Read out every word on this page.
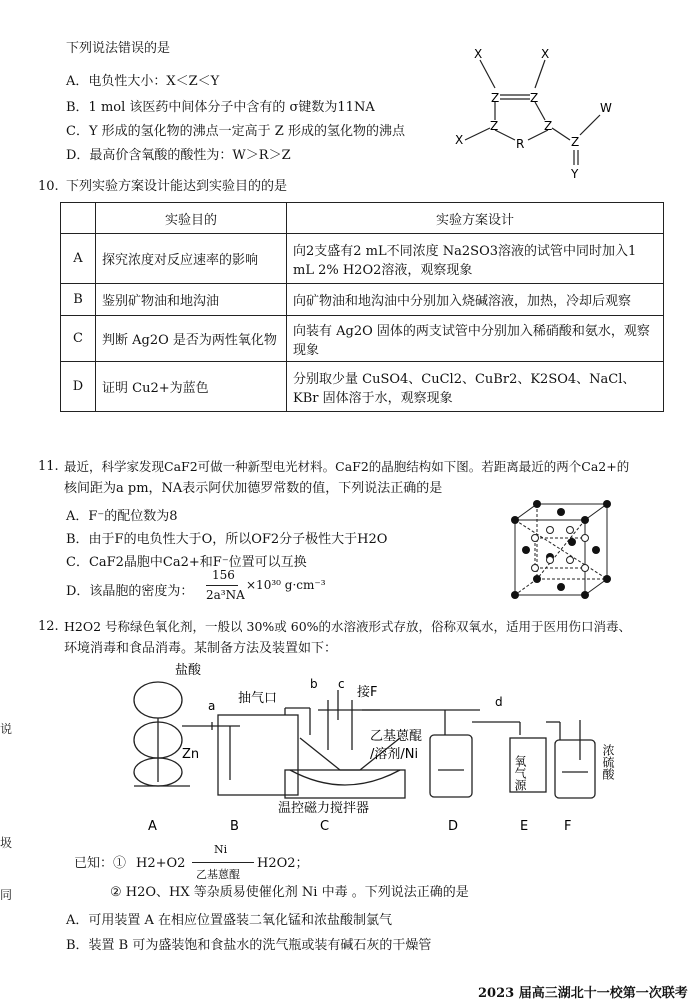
下列说法错误的是
A．电负性大小：X＜Z＜Y
B．1 mol 该医药中间体分子中含有的 σ键数为11NA
C．Y 形成的氢化物的沸点一定高于 Z 形成的氢化物的沸点
D．最高价含氧酸的酸性为：W＞R＞Z
X	X
X
Z	Z
Z	Z
Z
R
W
Y
10. 下列实验方案设计能达到实验目的的是
	实验目的	实验方案设计
A	探究浓度对反应速率的影响	向2支盛有2 mL不同浓度 Na2SO3溶液的试管中同时加入1 mL 2% H2O2溶液，观察现象
B	鉴别矿物油和地沟油	向矿物油和地沟油中分别加入烧碱溶液，加热，冷却后观察
C	判断 Ag2O 是否为两性氧化物	向装有 Ag2O 固体的两支试管中分别加入稀硝酸和氨水，观察现象
D	证明 Cu2+为蓝色	分别取少量 CuSO4、CuCl2、CuBr2、K2SO4、NaCl、KBr 固体溶于水，观察现象
11. 最近，科学家发现CaF2可做一种新型电光材料。CaF2的晶胞结构如下图。若距离最近的两个Ca2+的
核间距为a pm，NA表示阿伏加德罗常数的值，下列说法正确的是
A．F⁻的配位数为8
B．由于F的电负性大于O，所以OF2分子极性大于H2O
C．CaF2晶胞中Ca2+和F⁻位置可以互换
D．该晶胞的密度为：
156
2a³NA
×10³⁰ g·cm⁻³
12. H2O2 号称绿色氧化剂，一般以 30%或 60%的水溶液形式存放，俗称双氧水，适用于医用伤口消毒、
环境消毒和食品消毒。某制备方法及装置如下：
盐酸
a 抽气口
b c
接F
Zn
乙基蒽醌
/溶剂/Ni
温控磁力搅拌器
d
氧气源	浓硫酸
A	B	C	D	E	F
已知：① H2+O2
Ni
乙基蒽醌
H2O2；
② H2O、HX 等杂质易使催化剂 Ni 中毒 。下列说法正确的是
A．可用装置 A 在相应位置盛装二氧化锰和浓盐酸制氯气
B．装置 B 可为盛装饱和食盐水的洗气瓶或装有碱石灰的干燥管
说
圾
同
2023 届高三湖北十一校第一次联考
